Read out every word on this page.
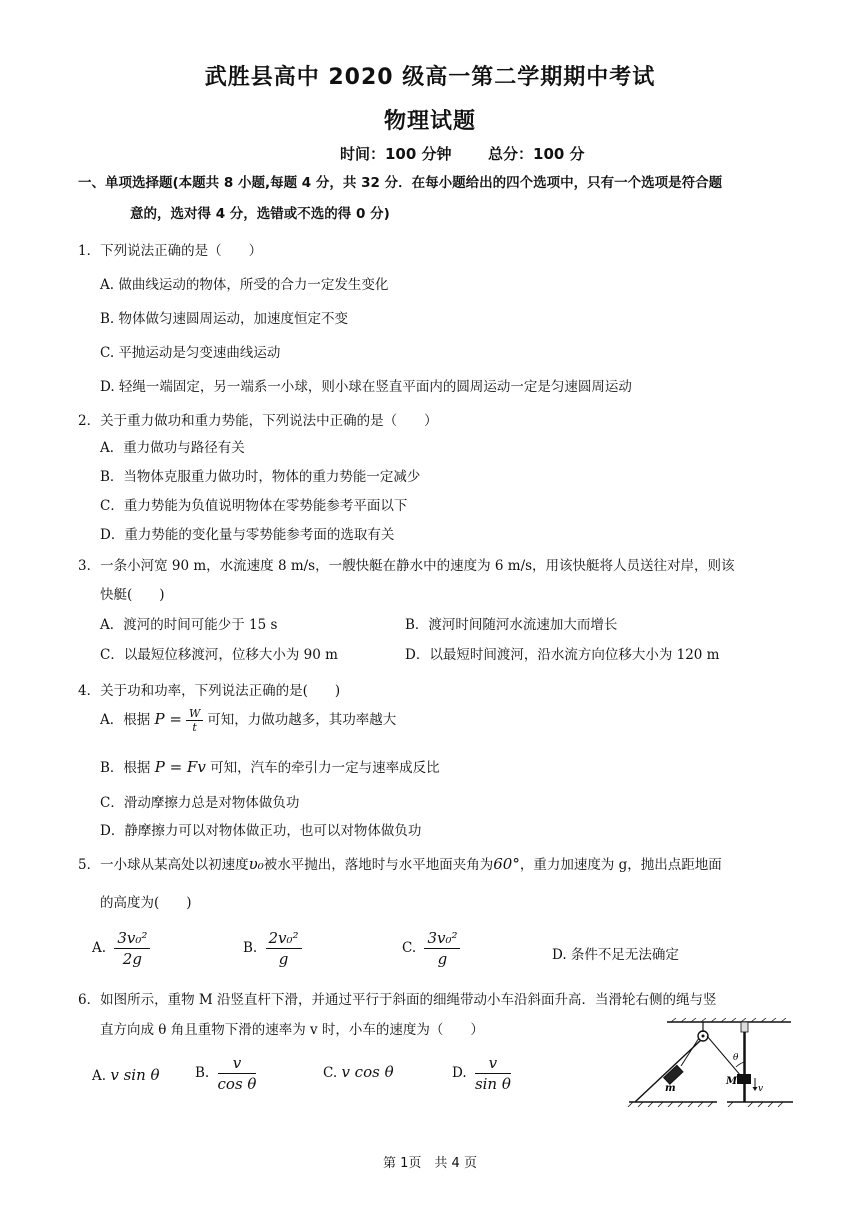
武胜县高中 2020 级高一第二学期期中考试
物理试题
时间：100 分钟 总分：100 分
一、单项选择题(本题共 8 小题,每题 4 分，共 32 分．在每小题给出的四个选项中，只有一个选项是符合题
意的，选对得 4 分，选错或不选的得 0 分)
1．下列说法正确的是（　　）
A. 做曲线运动的物体，所受的合力一定发生变化
B. 物体做匀速圆周运动，加速度恒定不变
C. 平抛运动是匀变速曲线运动
D. 轻绳一端固定，另一端系一小球，则小球在竖直平面内的圆周运动一定是匀速圆周运动
2．关于重力做功和重力势能，下列说法中正确的是（　　）
A．重力做功与路径有关
B．当物体克服重力做功时，物体的重力势能一定减少
C．重力势能为负值说明物体在零势能参考平面以下
D．重力势能的变化量与零势能参考面的选取有关
3．一条小河宽 90 m，水流速度 8 m/s，一艘快艇在静水中的速度为 6 m/s，用该快艇将人员送往对岸，则该
快艇(　　)
A．渡河的时间可能少于 15 s	B．渡河时间随河水流速加大而增长
C．以最短位移渡河，位移大小为 90 m	D．以最短时间渡河，沿水流方向位移大小为 120 m
4．关于功和功率，下列说法正确的是(　　)
A．根据 $P = \frac{W}{t}$ 可知，力做功越多，其功率越大
B．根据 P = Fv 可知，汽车的牵引力一定与速率成反比
C．滑动摩擦力总是对物体做负功
D．静摩擦力可以对物体做正功，也可以对物体做负功
5．一小球从某高处以初速度υ₀被水平抛出，落地时与水平地面夹角为60°，重力加速度为 g，抛出点距地面
的高度为(　　)
A. $\frac{\text{3v₀²}}{2g}$	B. $\frac{\text{2v₀²}}{g}$	C. $\frac{\text{3v₀²}}{g}$	D. 条件不足无法确定
6．如图所示，重物 M 沿竖直杆下滑，并通过平行于斜面的细绳带动小车沿斜面升高．当滑轮右侧的绳与竖
直方向成 θ 角且重物下滑的速率为 v 时，小车的速度为（　　）
A. v sin θ	B. $\frac{v}{\text{cos θ}}$	C. v cos θ	D. $\frac{v}{\text{sin θ}}$	θ
m
M
v
第 1页　共 4 页
